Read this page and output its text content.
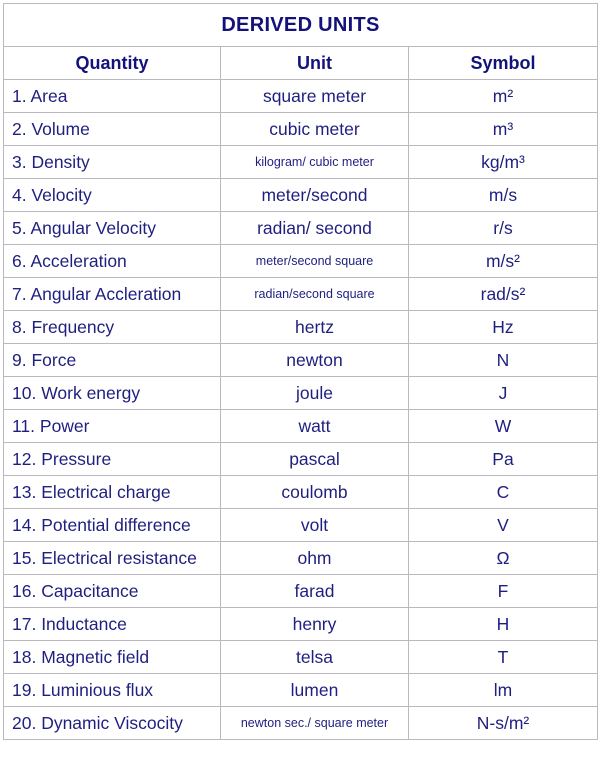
DERIVED UNITS		
Quantity	Unit	Symbol
1. Area	square meter	m²
2. Volume	cubic meter	m³
3. Density	kilogram/ cubic meter	kg/m³
4. Velocity	meter/second	m/s
5. Angular Velocity	radian/ second	r/s
6. Acceleration	meter/second square	m/s²
7. Angular Accleration	radian/second square	rad/s²
8. Frequency	hertz	Hz
9. Force	newton	N
10. Work energy	joule	J
11. Power	watt	W
12. Pressure	pascal	Pa
13. Electrical charge	coulomb	C
14. Potential difference	volt	V
15. Electrical resistance	ohm	Ω
16. Capacitance	farad	F
17. Inductance	henry	H
18. Magnetic field	telsa	T
19. Luminious flux	lumen	lm
20. Dynamic Viscocity	newton sec./ square meter	N-s/m²
